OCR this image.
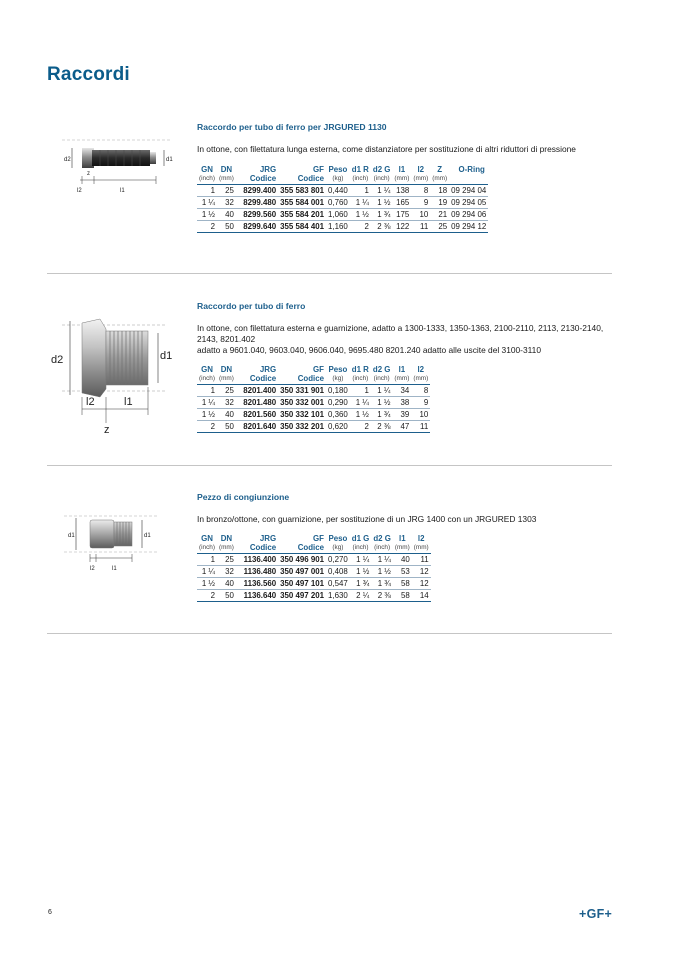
Raccordi
d2	d1
l2	l1
z

Raccordo per tubo di ferro per JRGURED 1130

In ottone, con filettatura lunga esterna, come distanziatore per sostituzione di altri riduttori di pressione

GN	DN	JRG	GF	Peso	d1 R	d2 G	l1	l2	Z	O-Ring
(inch)	(mm)	Codice	Codice	(kg)	(inch)	(inch)	(mm)	(mm)	(mm)	
1	25	8299.400	355 583 801	0,440	1	1 ¼	138	8	18	09 294 04
1 ¼	32	8299.480	355 584 001	0,760	1 ¼	1 ½	165	9	19	09 294 05
1 ½	40	8299.560	355 584 201	1,060	1 ½	1 ¾	175	10	21	09 294 06
2	50	8299.640	355 584 401	1,160	2	2 ⅜	122	11	25	09 294 12
d2	d1
l2	l1
z

Raccordo per tubo di ferro

In ottone, con filettatura esterna e guarnizione, adatto a 1300-1333, 1350-1363, 2100-2110, 2113, 2130-2140, 2143, 8201.402

adatto a 9601.040, 9603.040, 9606.040, 9695.480 8201.240 adatto alle uscite del 3100-3110

GN	DN	JRG	GF	Peso	d1 R	d2 G	l1	l2
(inch)	(mm)	Codice	Codice	(kg)	(inch)	(inch)	(mm)	(mm)
1	25	8201.400	350 331 901	0,180	1	1 ¼	34	8
1 ¼	32	8201.480	350 332 001	0,290	1 ¼	1 ½	38	9
1 ½	40	8201.560	350 332 101	0,360	1 ½	1 ¾	39	10
2	50	8201.640	350 332 201	0,620	2	2 ⅜	47	11
d1	d1
l2	l1

Pezzo di congiunzione

In bronzo/ottone, con guarnizione, per sostituzione di un JRG 1400 con un JRGURED 1303

GN	DN	JRG	GF	Peso	d1 G	d2 G	l1	l2
(inch)	(mm)	Codice	Codice	(kg)	(inch)	(inch)	(mm)	(mm)
1	25	1136.400	350 496 901	0,270	1 ¼	1 ¼	40	11
1 ¼	32	1136.480	350 497 001	0,408	1 ½	1 ½	53	12
1 ½	40	1136.560	350 497 101	0,547	1 ¾	1 ¾	58	12
2	50	1136.640	350 497 201	1,630	2 ¼	2 ⅜	58	14

6	+GF+
